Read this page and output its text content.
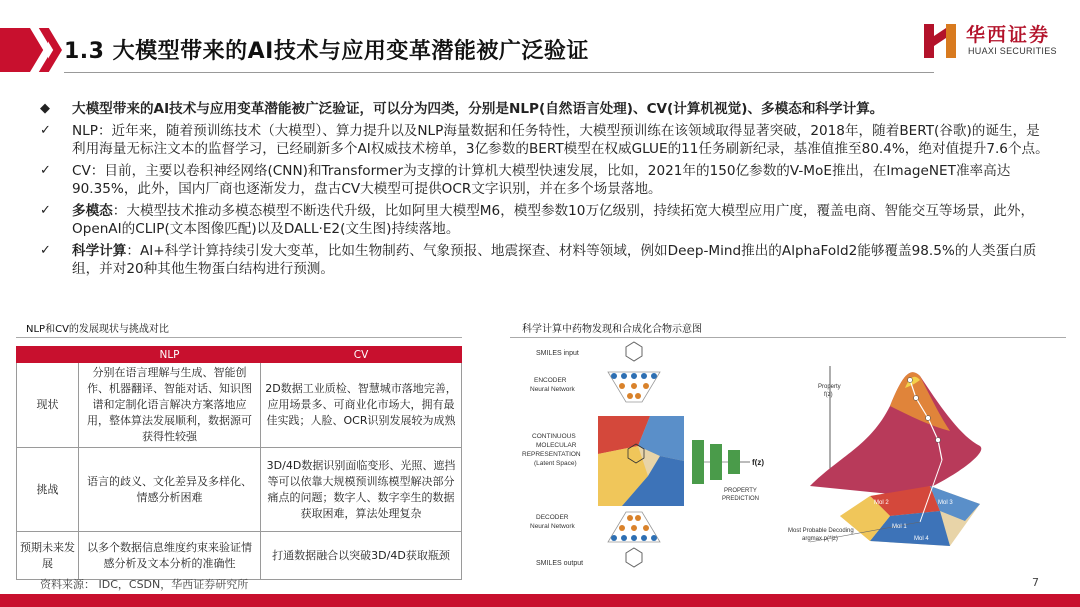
1.3 大模型带来的AI技术与应用变革潜能被广泛验证
华西证券
HUAXI SECURITIES
◆ 大模型带来的AI技术与应用变革潜能被广泛验证，可以分为四类，分别是NLP(自然语言处理)、CV(计算机视觉)、多模态和科学计算。
✓ NLP：近年来，随着预训练技术（大模型）、算力提升以及NLP海量数据和任务特性，大模型预训练在该领域取得显著突破，2018年，随着BERT(谷歌)的诞生，是利用海量无标注文本的监督学习，已经刷新多个AI权威技术榜单，3亿参数的BERT模型在权威GLUE的11任务刷新纪录，基准值推至80.4%，绝对值提升7.6个点。
✓ CV：目前，主要以卷积神经网络(CNN)和Transformer为支撑的计算机大模型快速发展，比如，2021年的150亿参数的V-MoE推出，在ImageNET准率高达90.35%，此外，国内厂商也逐渐发力，盘古CV大模型可提供OCR文字识别，并在多个场景落地。
✓ 多模态：大模型技术推动多模态模型不断迭代升级，比如阿里大模型M6，模型参数10万亿级别，持续拓宽大模型应用广度，覆盖电商、智能交互等场景，此外，OpenAI的CLIP(文本图像匹配)以及DALL·E2(文生图)持续落地。
✓ 科学计算：AI+科学计算持续引发大变革，比如生物制药、气象预报、地震探查、材料等领域，例如Deep-Mind推出的AlphaFold2能够覆盖98.5%的人类蛋白质组，并对20种其他生物蛋白结构进行预测。
NLP和CV的发展现状与挑战对比
	NLP	CV
现状	分别在语言理解与生成、智能创作、机器翻译、智能对话、知识图谱和定制化语言解决方案落地应用，整体算法发展顺利，数据源可获得性较强	2D数据工业质检、智慧城市落地完善，应用场景多、可商业化市场大，拥有最佳实践；人脸、OCR识别发展较为成熟
挑战	语言的歧义、文化差异及多样化、情感分析困难	3D/4D数据识别面临变形、光照、遮挡等可以依靠大规模预训练模型解决部分痛点的问题；数字人、数字孪生的数据获取困难，算法处理复杂
预期未来发展	以多个数据信息维度约束来验证情感分析及文本分析的准确性	打通数据融合以突破3D/4D获取瓶颈
科学计算中药物发现和合成化合物示意图
SMILES input
ENCODER
Neural Network
CONTINUOUS
MOLECULAR
REPRESENTATION
(Latent Space)
DECODER
Neural Network
SMILES output
f(z)
PROPERTY
PREDICTION
Property
f(z)
Mol 2	Mol 3
Mol 1
Mol 4
Most Probable Decoding
argmax p(*|z)
资料来源： IDC，CSDN，华西证券研究所	7
